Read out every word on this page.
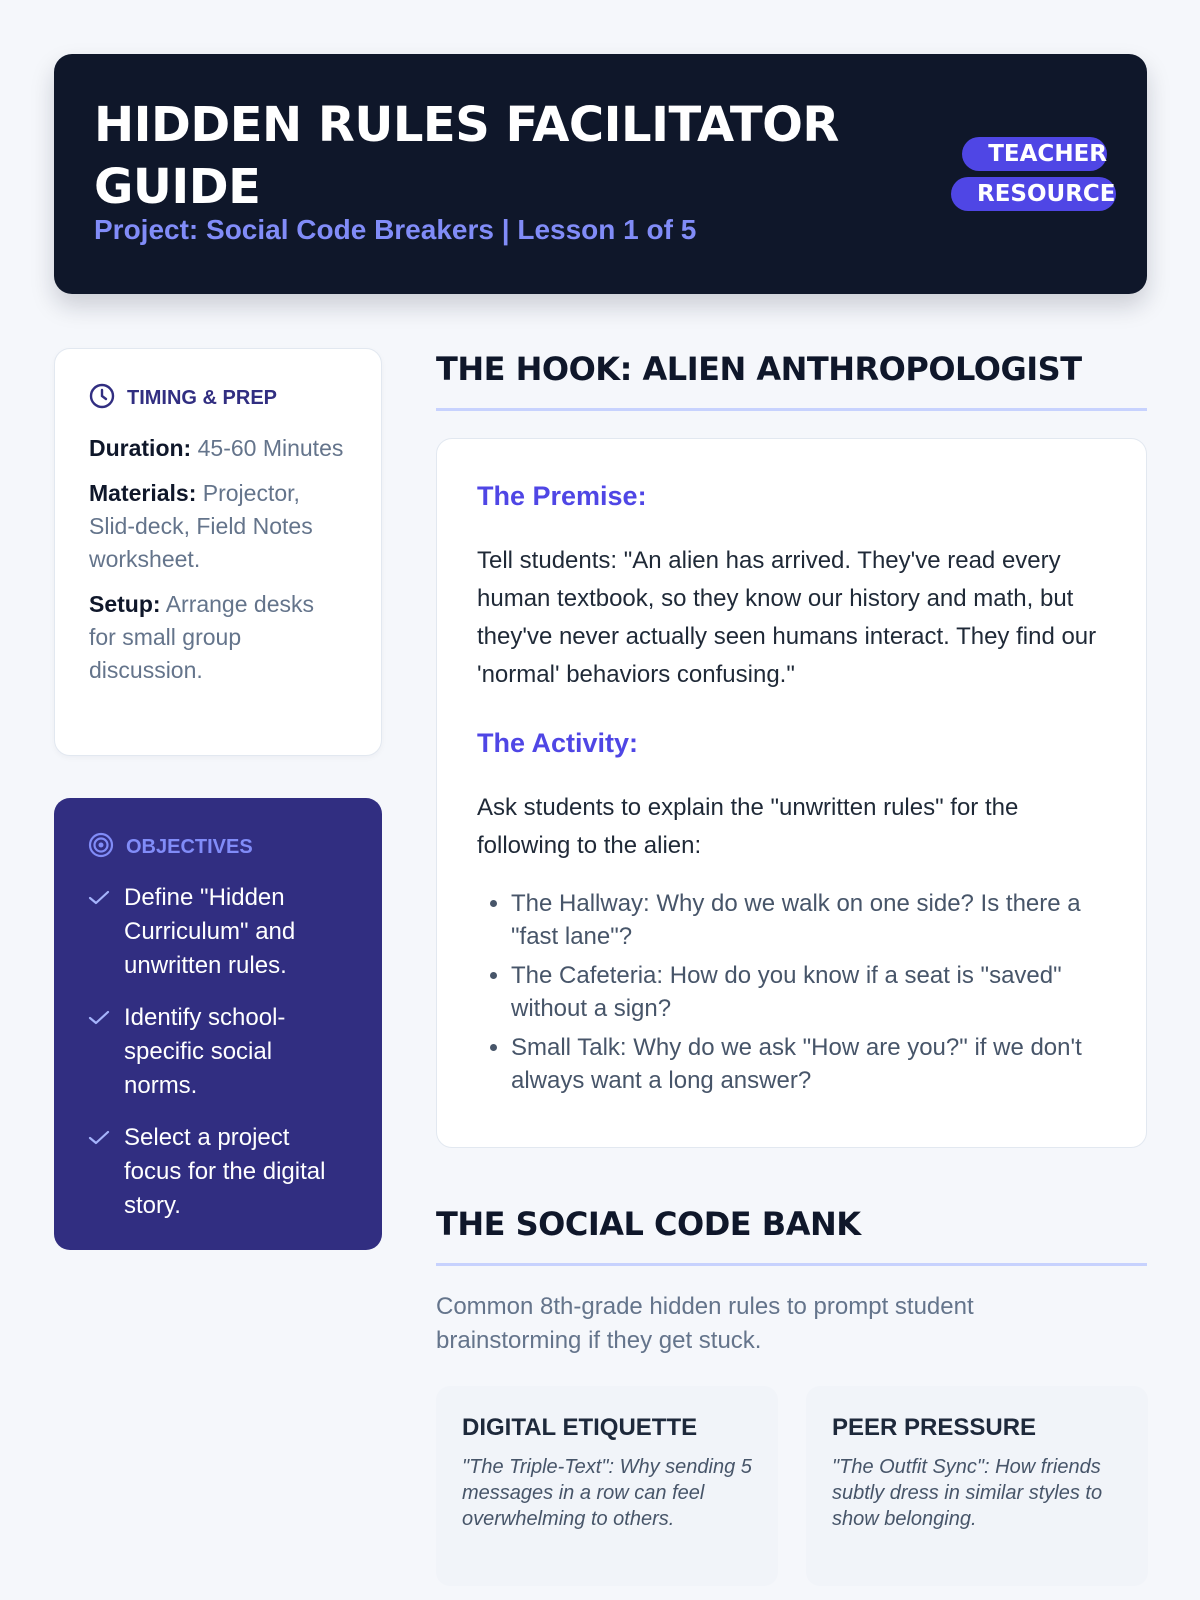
HIDDEN RULES FACILITATOR GUIDE
Project: Social Code Breakers | Lesson 1 of 5
TEACHER RESOURCE
TIMING & PREP
Duration: 45-60 Minutes
Materials: Projector, Slid-deck, Field Notes worksheet.
Setup: Arrange desks for small group discussion.
OBJECTIVES
Define "Hidden Curriculum" and unwritten rules.
Identify school-specific social norms.
Select a project focus for the digital story.
THE HOOK: ALIEN ANTHROPOLOGIST
The Premise:

Tell students: "An alien has arrived. They've read every human textbook, so they know our history and math, but they've never actually seen humans interact. They find our 'normal' behaviors confusing."

The Activity:

Ask students to explain the "unwritten rules" for the following to the alien:

• The Hallway: Why do we walk on one side? Is there a "fast lane"?
• The Cafeteria: How do you know if a seat is "saved" without a sign?
• Small Talk: Why do we ask "How are you?" if we don't always want a long answer?
THE SOCIAL CODE BANK

Common 8th-grade hidden rules to prompt student brainstorming if they get stuck.

DIGITAL ETIQUETTE
"The Triple-Text": Why sending 5 messages in a row can feel overwhelming to others.
PEER PRESSURE
"The Outfit Sync": How friends subtly dress in similar styles to show belonging.
